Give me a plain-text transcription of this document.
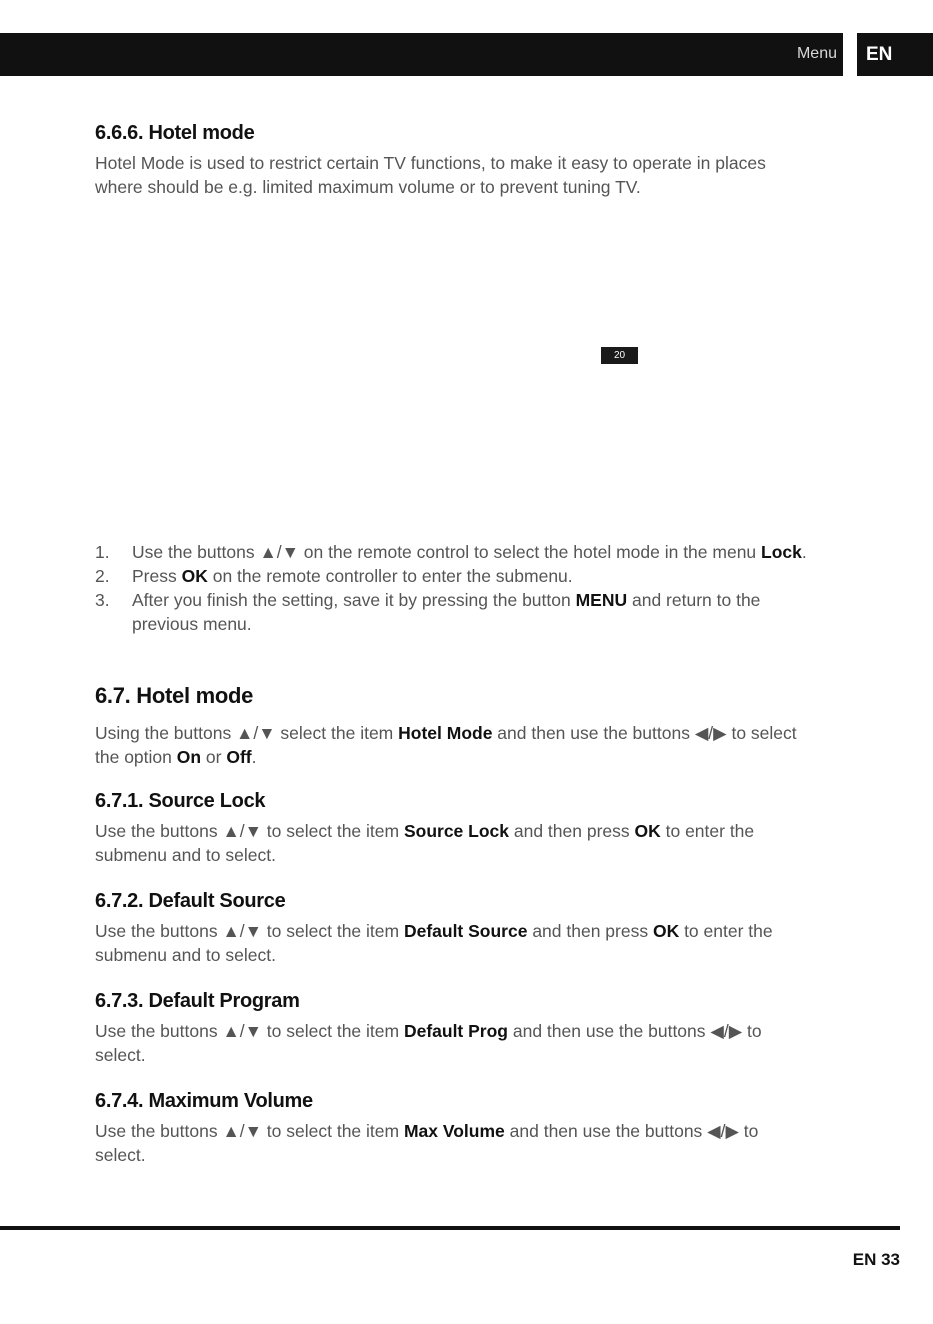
Menu EN
6.6.6. Hotel mode

Hotel Mode is used to restrict certain TV functions, to make it easy to operate in places where should be e.g. limited maximum volume or to prevent tuning TV.

20
1. Use the buttons ▲/▼ on the remote control to select the hotel mode in the menu Lock.
2. Press OK on the remote controller to enter the submenu.
3. After you finish the setting, save it by pressing the button MENU and return to the previous menu.
6.7. Hotel mode

Using the buttons ▲/▼ select the item Hotel Mode and then use the buttons ◀/▶ to select the option On or Off.

6.7.1. Source Lock

Use the buttons ▲/▼ to select the item Source Lock and then press OK to enter the submenu and to select.

6.7.2. Default Source

Use the buttons ▲/▼ to select the item Default Source and then press OK to enter the submenu and to select.

6.7.3. Default Program

Use the buttons ▲/▼ to select the item Default Prog and then use the buttons ◀/▶ to select.

6.7.4. Maximum Volume

Use the buttons ▲/▼ to select the item Max Volume and then use the buttons ◀/▶ to select.

EN 33
